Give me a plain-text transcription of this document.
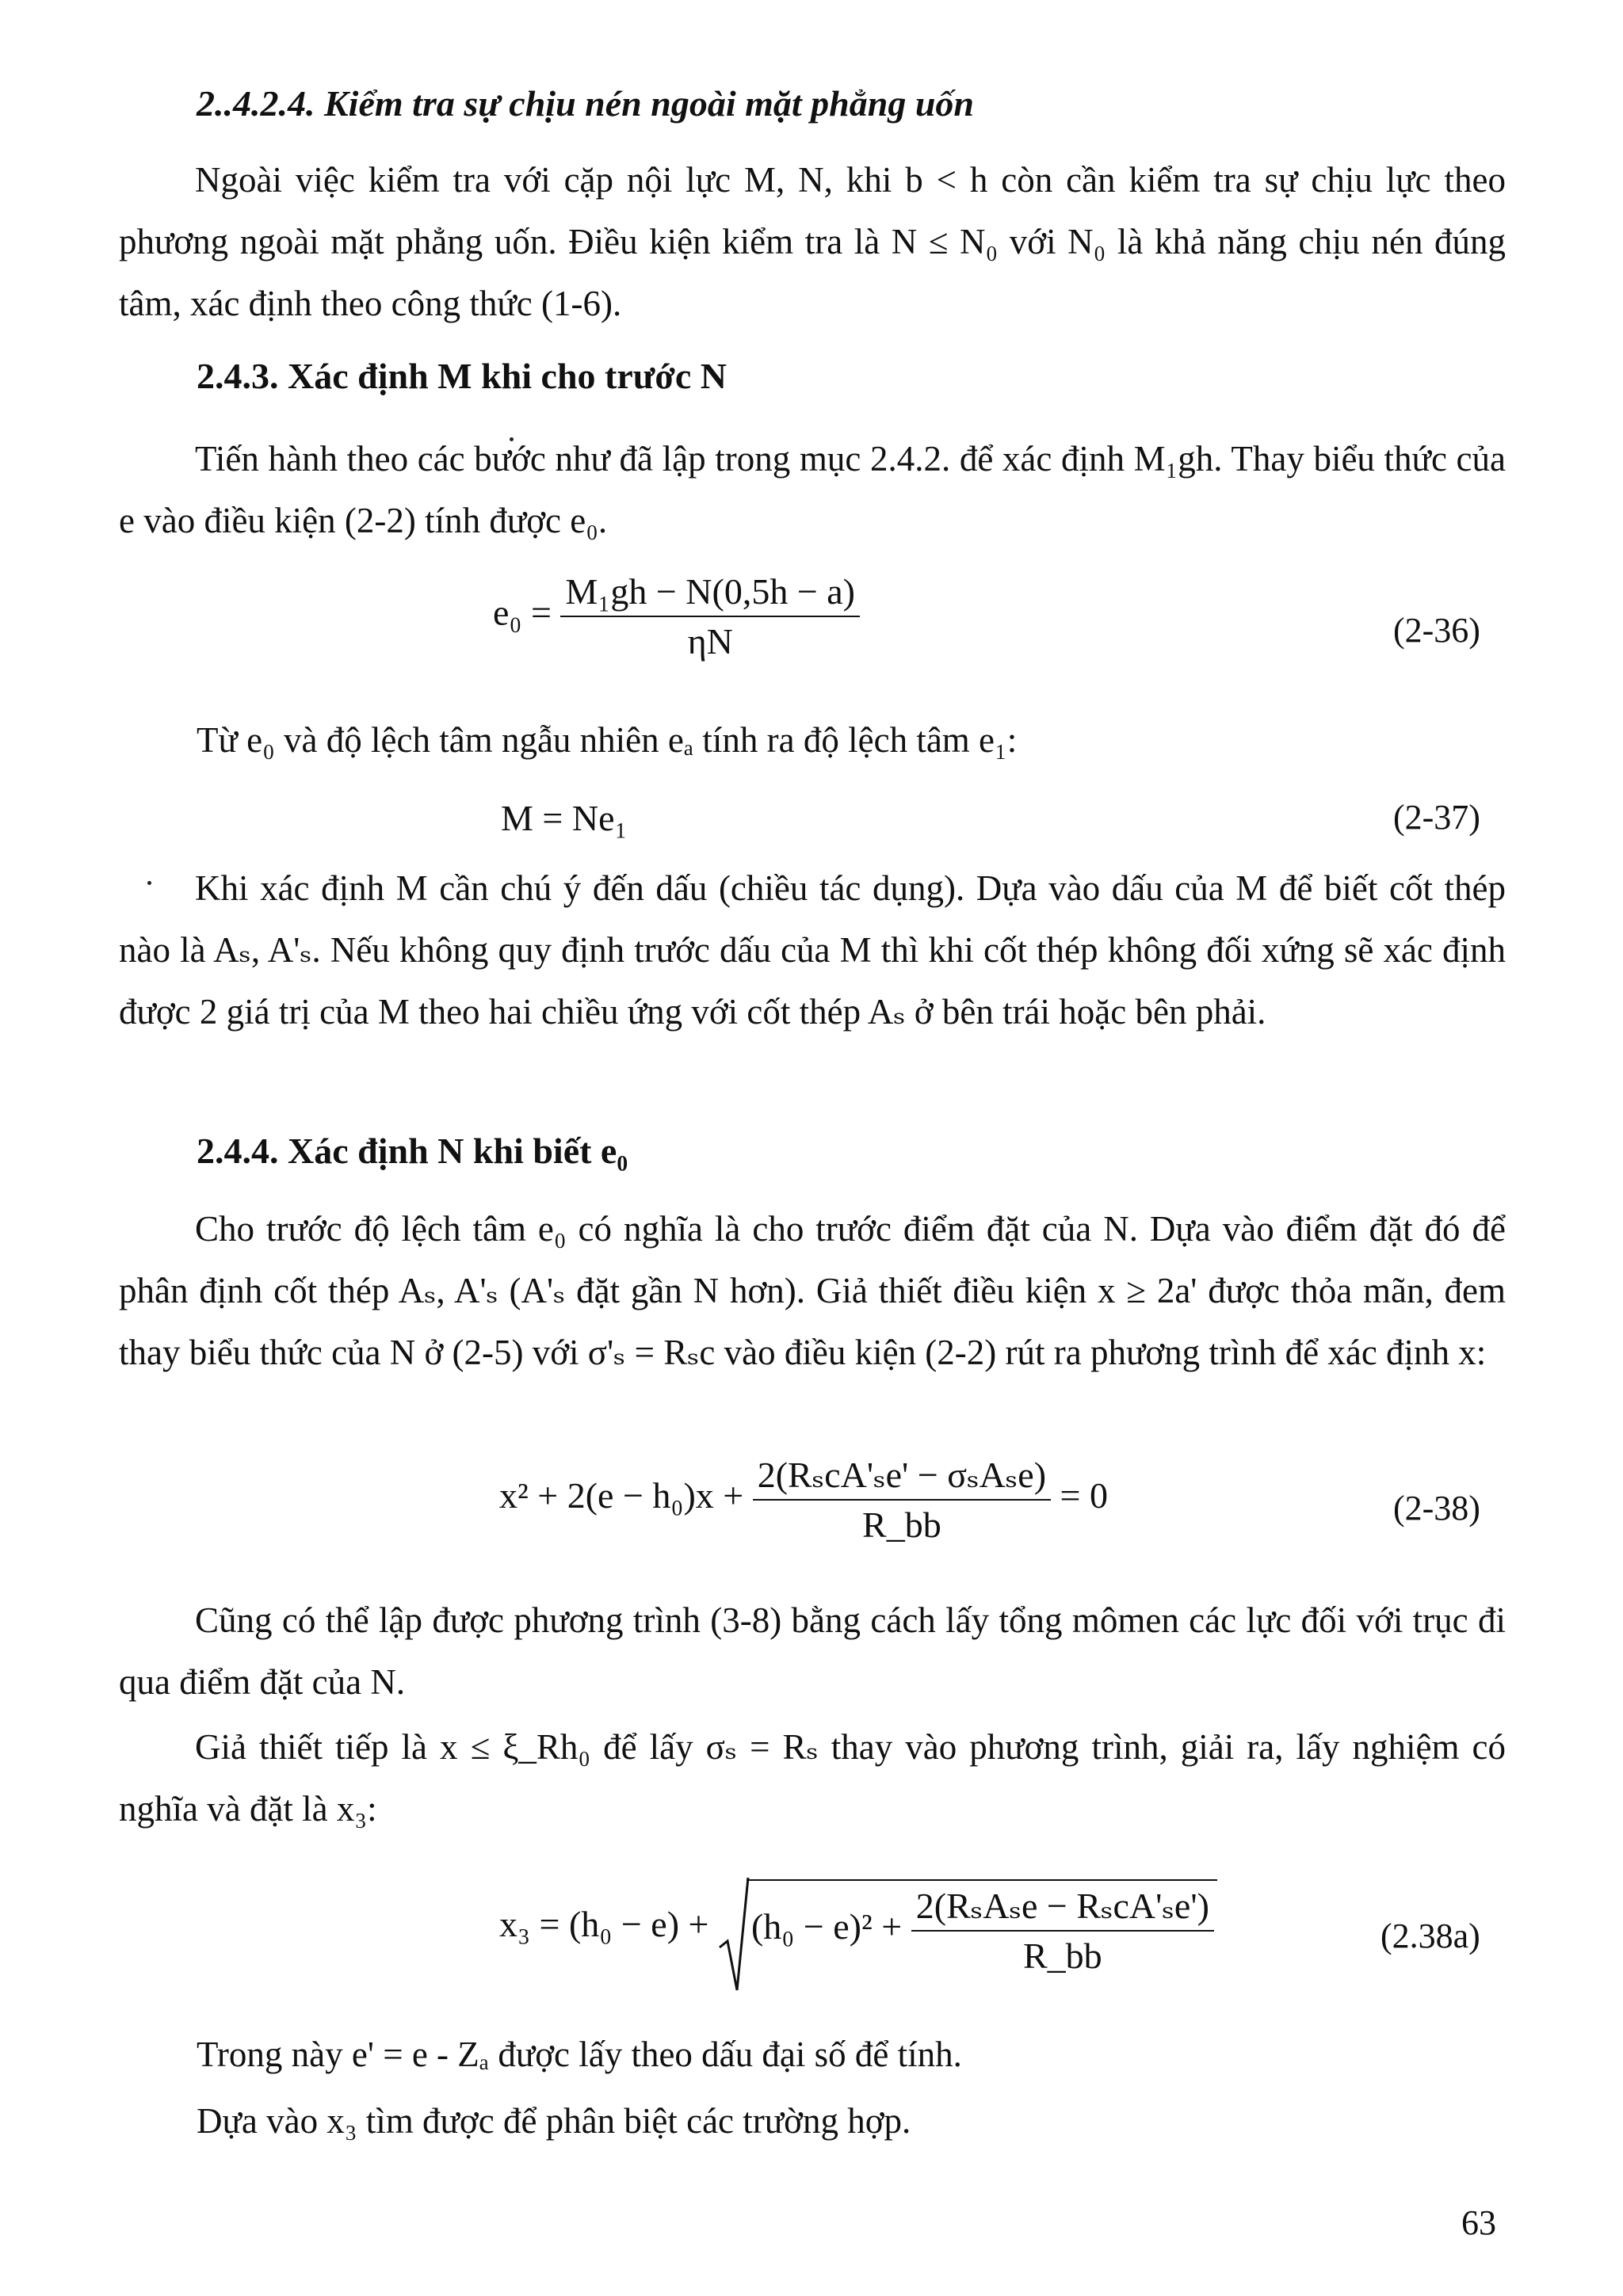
2..4.2.4. Kiểm tra sự chịu nén ngoài mặt phẳng uốn

Ngoài việc kiểm tra với cặp nội lực M, N, khi b < h còn cần kiểm tra sự chịu lực theo phương ngoài mặt phẳng uốn. Điều kiện kiểm tra là N ≤ N₀ với N₀ là khả năng chịu nén đúng tâm, xác định theo công thức (1-6).

2.4.3. Xác định M khi cho trước N

Tiến hành theo các bước như đã lập trong mục 2.4.2. để xác định M₁gh. Thay biểu thức của e vào điều kiện (2-2) tính được e₀.

$e_0 = \frac{\text{M₁gh − N(0,5h − a)}}{\eta N}$	(2-36)

Từ e₀ và độ lệch tâm ngẫu nhiên eₐ tính ra độ lệch tâm e₁:

M = Ne₁	(2-37)

Khi xác định M cần chú ý đến dấu (chiều tác dụng). Dựa vào dấu của M để biết cốt thép nào là Aₛ, A'ₛ. Nếu không quy định trước dấu của M thì khi cốt thép không đối xứng sẽ xác định được 2 giá trị của M theo hai chiều ứng với cốt thép Aₛ ở bên trái hoặc bên phải.

2.4.4. Xác định N khi biết e₀

Cho trước độ lệch tâm e₀ có nghĩa là cho trước điểm đặt của N. Dựa vào điểm đặt đó để phân định cốt thép Aₛ, A'ₛ (A'ₛ đặt gần N hơn). Giả thiết điều kiện x ≥ 2a' được thỏa mãn, đem thay biểu thức của N ở (2-5) với σ'ₛ = Rₛc vào điều kiện (2-2) rút ra phương trình để xác định x:

$x^2 + 2(e - h_0)x + \frac{\text{2(RₛcA'ₛe' − σₛAₛe)}}{R\_bb} = 0$	(2-38)

Cũng có thể lập được phương trình (3-8) bằng cách lấy tổng mômen các lực đối với trục đi qua điểm đặt của N.

Giả thiết tiếp là x ≤ ξ_Rh₀ để lấy σₛ = Rₛ thay vào phương trình, giải ra, lấy nghiệm có nghĩa và đặt là x₃:

$x_3 = (h_0 - e) + (h_0 - e)^2 + \frac{\text{2(RₛAₛe − RₛcA'ₛe')}}{R\_bb}$	(2.38a)

Trong này e' = e - Zₐ được lấy theo dấu đại số để tính.

Dựa vào x₃ tìm được để phân biệt các trường hợp.

63
